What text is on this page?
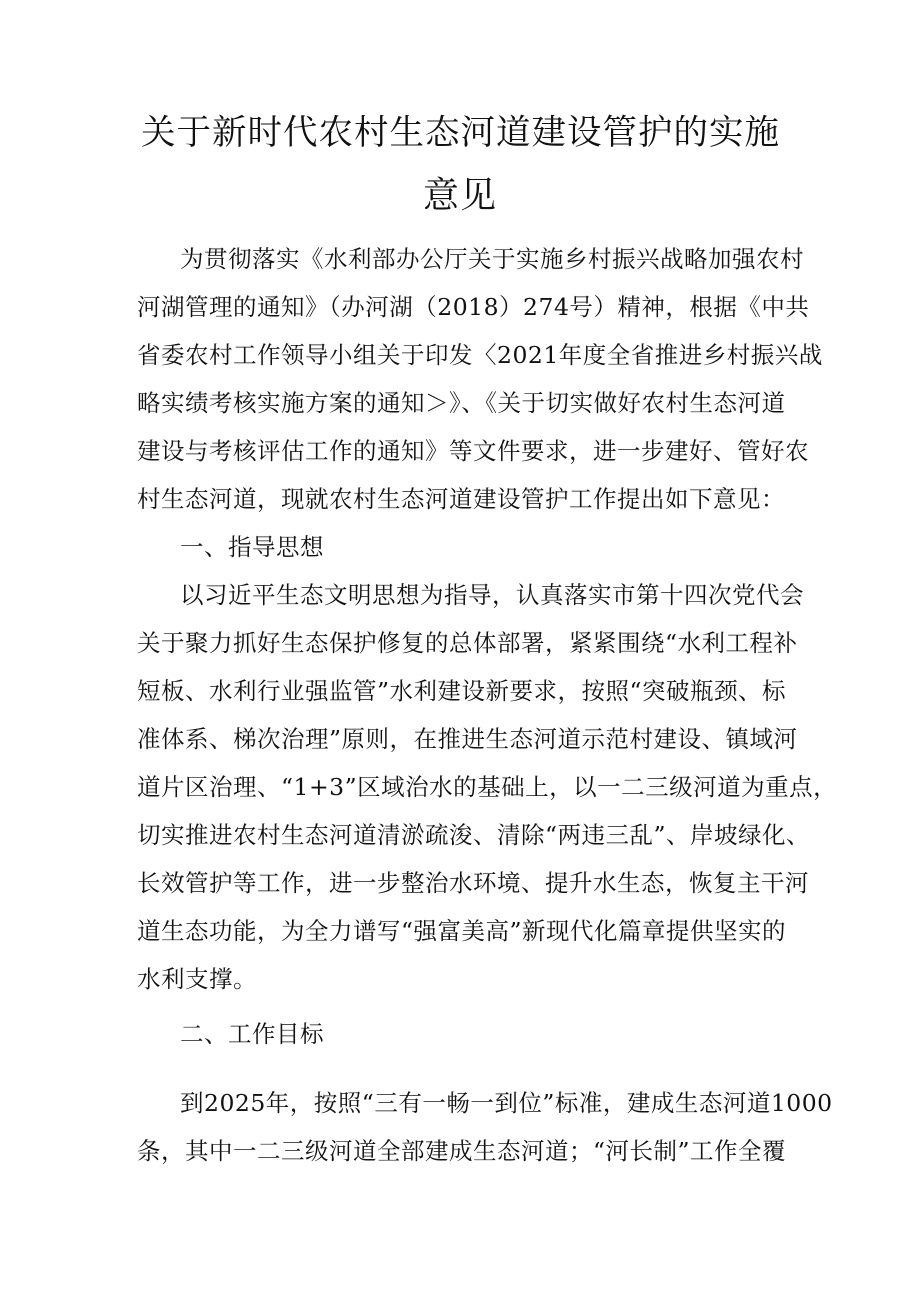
关于新时代农村生态河道建设管护的实施
意见
为贯彻落实《水利部办公厅关于实施乡村振兴战略加强农村
河湖管理的通知》（办河湖（2018）274号）精神，根据《中共
省委农村工作领导小组关于印发〈2021年度全省推进乡村振兴战
略实绩考核实施方案的通知＞》、《关于切实做好农村生态河道
建设与考核评估工作的通知》等文件要求，进一步建好、管好农
村生态河道，现就农村生态河道建设管护工作提出如下意见：
一、指导思想
以习近平生态文明思想为指导，认真落实市第十四次党代会
关于聚力抓好生态保护修复的总体部署，紧紧围绕“水利工程补
短板、水利行业强监管”水利建设新要求，按照“突破瓶颈、标
准体系、梯次治理”原则，在推进生态河道示范村建设、镇域河
道片区治理、“1+3”区域治水的基础上，以一二三级河道为重点，
切实推进农村生态河道清淤疏浚、清除“两违三乱”、岸坡绿化、
长效管护等工作，进一步整治水环境、提升水生态，恢复主干河
道生态功能，为全力谱写“强富美高”新现代化篇章提供坚实的
水利支撑。
二、工作目标
到2025年，按照“三有一畅一到位”标准，建成生态河道1000
条，其中一二三级河道全部建成生态河道；“河长制”工作全覆
